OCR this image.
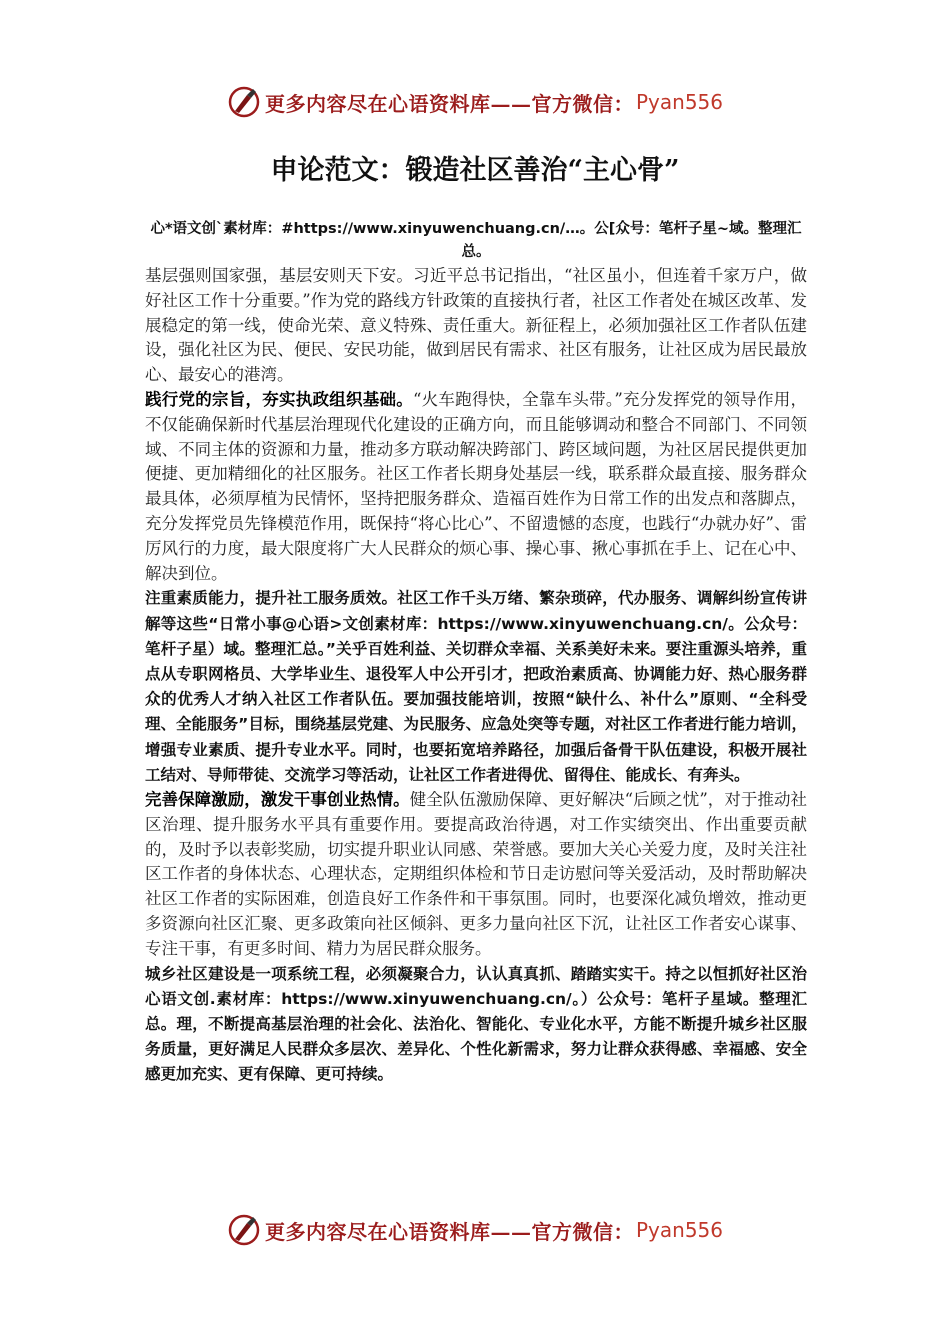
更多内容尽在心语资料库——官方微信： Pyan556
申论范文：锻造社区善治“主心骨”
心*语文创`素材库：#https://www.xinyuwenchuang.cn/…。公[众号：笔杆子星~域。整理汇总。

基层强则国家强，基层安则天下安。习近平总书记指出，“社区虽小，但连着千家万户，做好社区工作十分重要。”作为党的路线方针政策的直接执行者，社区工作者处在城区改革、发展稳定的第一线，使命光荣、意义特殊、责任重大。新征程上，必须加强社区工作者队伍建设，强化社区为民、便民、安民功能，做到居民有需求、社区有服务，让社区成为居民最放心、最安心的港湾。

践行党的宗旨，夯实执政组织基础。“火车跑得快，全靠车头带。”充分发挥党的领导作用，不仅能确保新时代基层治理现代化建设的正确方向，而且能够调动和整合不同部门、不同领域、不同主体的资源和力量，推动多方联动解决跨部门、跨区域问题，为社区居民提供更加便捷、更加精细化的社区服务。社区工作者长期身处基层一线，联系群众最直接、服务群众最具体，必须厚植为民情怀，坚持把服务群众、造福百姓作为日常工作的出发点和落脚点，充分发挥党员先锋模范作用，既保持“将心比心”、不留遗憾的态度，也践行“办就办好”、雷厉风行的力度，最大限度将广大人民群众的烦心事、操心事、揪心事抓在手上、记在心中、解决到位。

注重素质能力，提升社工服务质效。社区工作千头万绪、繁杂琐碎，代办服务、调解纠纷宣传讲解等这些“日常小事@心语>文创素材库：https://www.xinyuwenchuang.cn/。公众号：笔杆子星）域。整理汇总。”关乎百姓利益、关切群众幸福、关系美好未来。要注重源头培养，重点从专职网格员、大学毕业生、退役军人中公开引才，把政治素质高、协调能力好、热心服务群众的优秀人才纳入社区工作者队伍。要加强技能培训，按照“缺什么、补什么”原则、“全科受理、全能服务”目标，围绕基层党建、为民服务、应急处突等专题，对社区工作者进行能力培训，增强专业素质、提升专业水平。同时，也要拓宽培养路径，加强后备骨干队伍建设，积极开展社工结对、导师带徒、交流学习等活动，让社区工作者进得优、留得住、能成长、有奔头。

完善保障激励，激发干事创业热情。健全队伍激励保障、更好解决“后顾之忧”，对于推动社区治理、提升服务水平具有重要作用。要提高政治待遇，对工作实绩突出、作出重要贡献的，及时予以表彰奖励，切实提升职业认同感、荣誉感。要加大关心关爱力度，及时关注社区工作者的身体状态、心理状态，定期组织体检和节日走访慰问等关爱活动，及时帮助解决社区工作者的实际困难，创造良好工作条件和干事氛围。同时，也要深化减负增效，推动更多资源向社区汇聚、更多政策向社区倾斜、更多力量向社区下沉，让社区工作者安心谋事、专注干事，有更多时间、精力为居民群众服务。

城乡社区建设是一项系统工程，必须凝聚合力，认认真真抓、踏踏实实干。持之以恒抓好社区治心语文创.素材库：https://www.xinyuwenchuang.cn/。）公众号：笔杆子星域。整理汇总。理，不断提高基层治理的社会化、法治化、智能化、专业化水平，方能不断提升城乡社区服务质量，更好满足人民群众多层次、差异化、个性化新需求，努力让群众获得感、幸福感、安全感更加充实、更有保障、更可持续。

更多内容尽在心语资料库——官方微信： Pyan556
